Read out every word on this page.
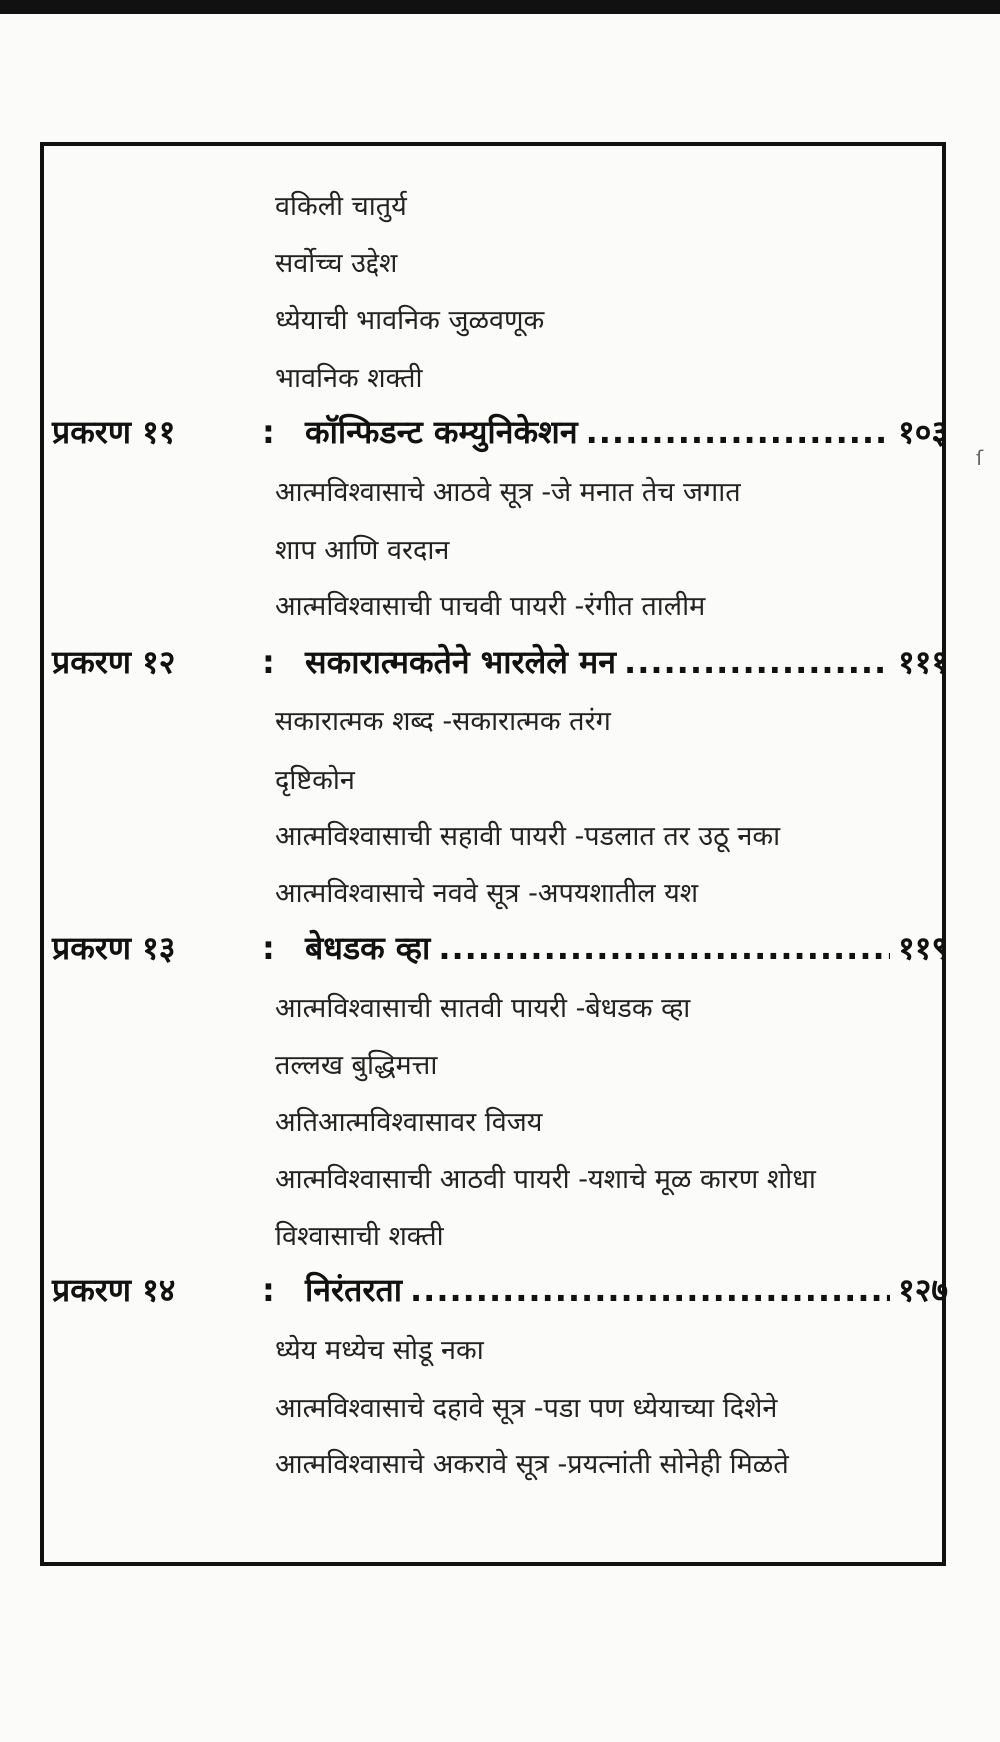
वकिली चातुर्य
सर्वोच्च उद्देश
ध्येयाची भावनिक जुळवणूक
भावनिक शक्ती
प्रकरण ११	: कॉन्फिडन्ट कम्युनिकेशन .....	१०३
आत्मविश्वासाचे आठवे सूत्र -जे मनात तेच जगात
शाप आणि वरदान
आत्मविश्वासाची पाचवी पायरी -रंगीत तालीम
प्रकरण १२	: सकारात्मकतेने भारलेले मन .....	१११
सकारात्मक शब्द -सकारात्मक तरंग
दृष्टिकोन
आत्मविश्वासाची सहावी पायरी -पडलात तर उठू नका
आत्मविश्वासाचे नववे सूत्र -अपयशातील यश
प्रकरण १३	: बेधडक व्हा .....	११९
आत्मविश्वासाची सातवी पायरी -बेधडक व्हा
तल्लख बुद्धिमत्ता
अतिआत्मविश्वासावर विजय
आत्मविश्वासाची आठवी पायरी -यशाचे मूळ कारण शोधा
विश्वासाची शक्ती
प्रकरण १४	: निरंतरता .....	१२७
ध्येय मध्येच सोडू नका
आत्मविश्वासाचे दहावे सूत्र -पडा पण ध्येयाच्या दिशेने
आत्मविश्वासाचे अकरावे सूत्र -प्रयत्नांती सोनेही मिळते
ſ
